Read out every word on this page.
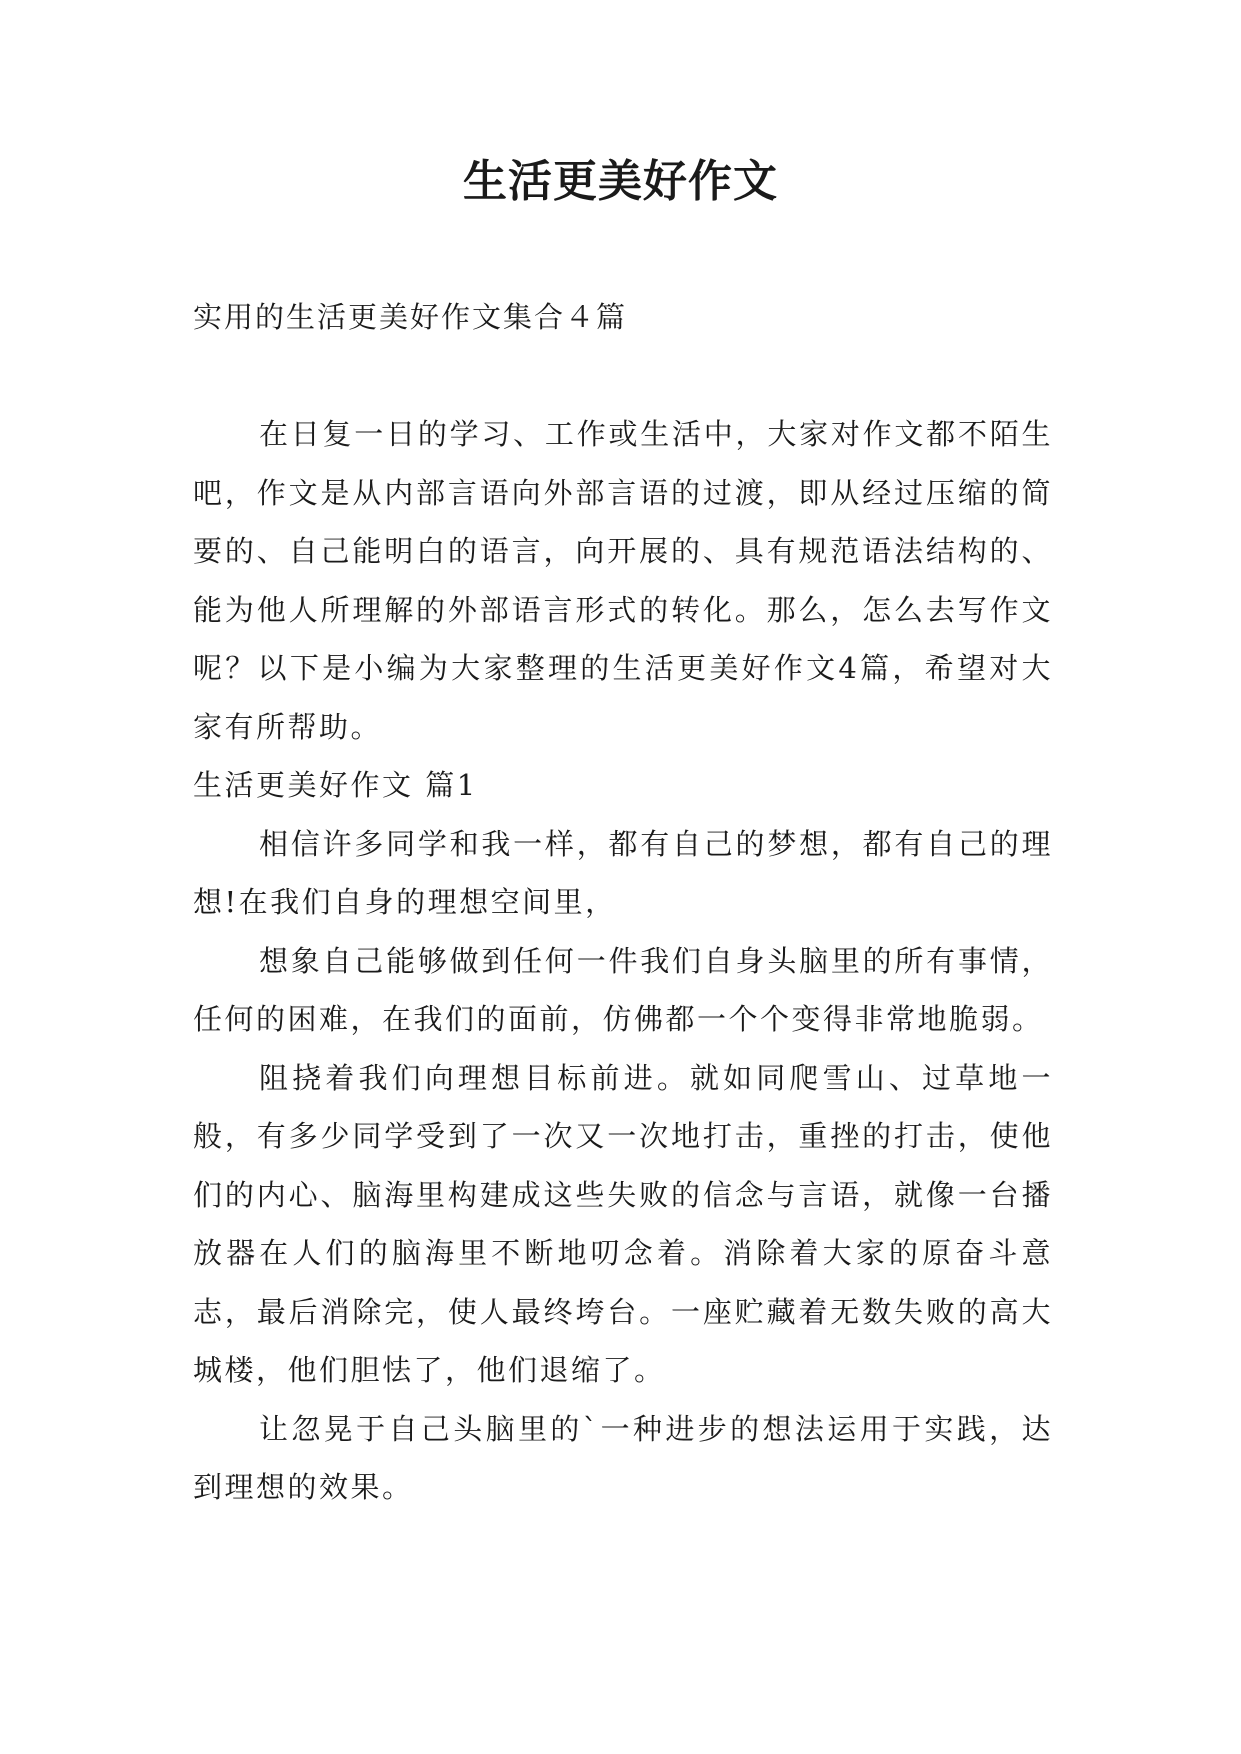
生活更美好作文

实用的生活更美好作文集合４篇

在日复一日的学习、工作或生活中，大家对作文都不陌生吧，作文是从内部言语向外部言语的过渡，即从经过压缩的简要的、自己能明白的语言，向开展的、具有规范语法结构的、能为他人所理解的外部语言形式的转化。那么，怎么去写作文呢？以下是小编为大家整理的生活更美好作文4篇，希望对大家有所帮助。

生活更美好作文 篇1

相信许多同学和我一样，都有自己的梦想，都有自己的理想!在我们自身的理想空间里，

想象自己能够做到任何一件我们自身头脑里的所有事情，任何的困难，在我们的面前，仿佛都一个个变得非常地脆弱。

阻挠着我们向理想目标前进。就如同爬雪山、过草地一般，有多少同学受到了一次又一次地打击，重挫的打击，使他们的内心、脑海里构建成这些失败的信念与言语，就像一台播放器在人们的脑海里不断地叨念着。消除着大家的原奋斗意志，最后消除完，使人最终垮台。一座贮藏着无数失败的高大城楼，他们胆怯了，他们退缩了。

让忽晃于自己头脑里的`一种进步的想法运用于实践，达到理想的效果。
